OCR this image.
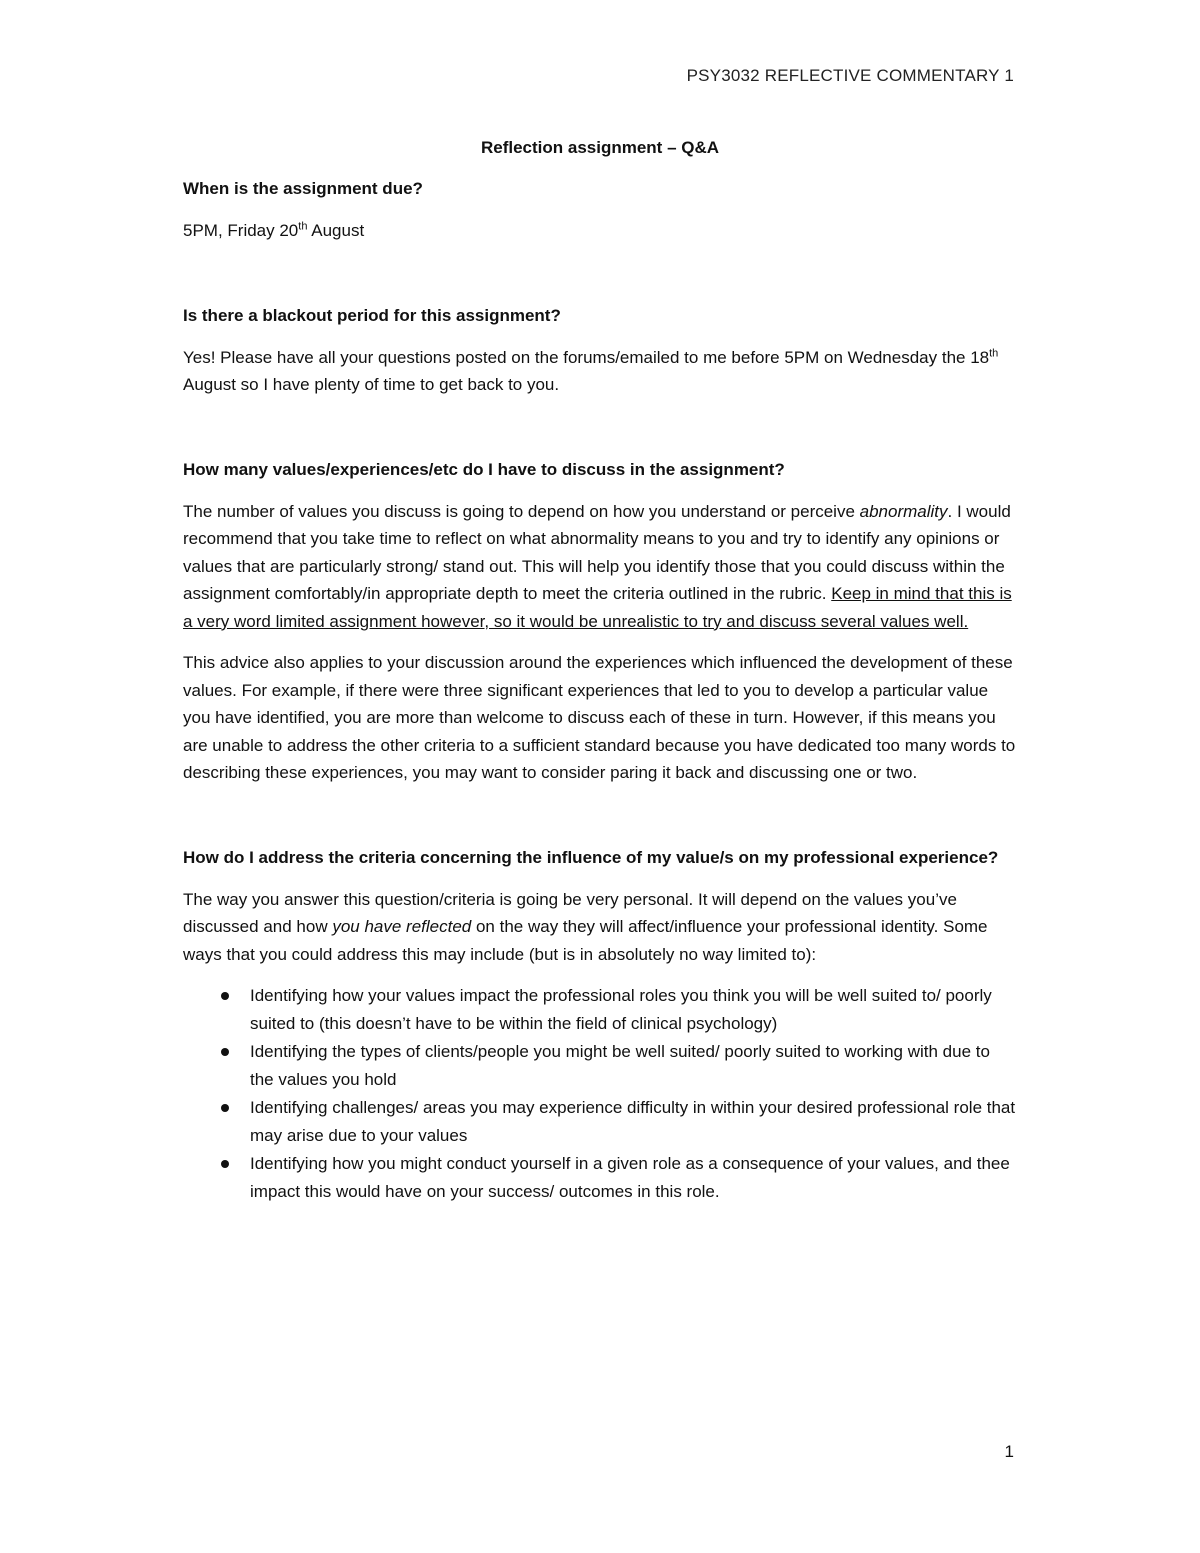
PSY3032 REFLECTIVE COMMENTARY 1

Reflection assignment – Q&A

When is the assignment due?

5PM, Friday 20th August

Is there a blackout period for this assignment?

Yes! Please have all your questions posted on the forums/emailed to me before 5PM on Wednesday the 18th August so I have plenty of time to get back to you.

How many values/experiences/etc do I have to discuss in the assignment?

The number of values you discuss is going to depend on how you understand or perceive abnormality. I would recommend that you take time to reflect on what abnormality means to you and try to identify any opinions or values that are particularly strong/ stand out. This will help you identify those that you could discuss within the assignment comfortably/in appropriate depth to meet the criteria outlined in the rubric. Keep in mind that this is a very word limited assignment however, so it would be unrealistic to try and discuss several values well.

This advice also applies to your discussion around the experiences which influenced the development of these values. For example, if there were three significant experiences that led to you to develop a particular value you have identified, you are more than welcome to discuss each of these in turn. However, if this means you are unable to address the other criteria to a sufficient standard because you have dedicated too many words to describing these experiences, you may want to consider paring it back and discussing one or two.

How do I address the criteria concerning the influence of my value/s on my professional experience?

The way you answer this question/criteria is going be very personal. It will depend on the values you’ve discussed and how you have reflected on the way they will affect/influence your professional identity. Some ways that you could address this may include (but is in absolutely no way limited to):

Identifying how your values impact the professional roles you think you will be well suited to/ poorly suited to (this doesn’t have to be within the field of clinical psychology)
Identifying the types of clients/people you might be well suited/ poorly suited to working with due to the values you hold
Identifying challenges/ areas you may experience difficulty in within your desired professional role that may arise due to your values
Identifying how you might conduct yourself in a given role as a consequence of your values, and thee impact this would have on your success/ outcomes in this role.
1
